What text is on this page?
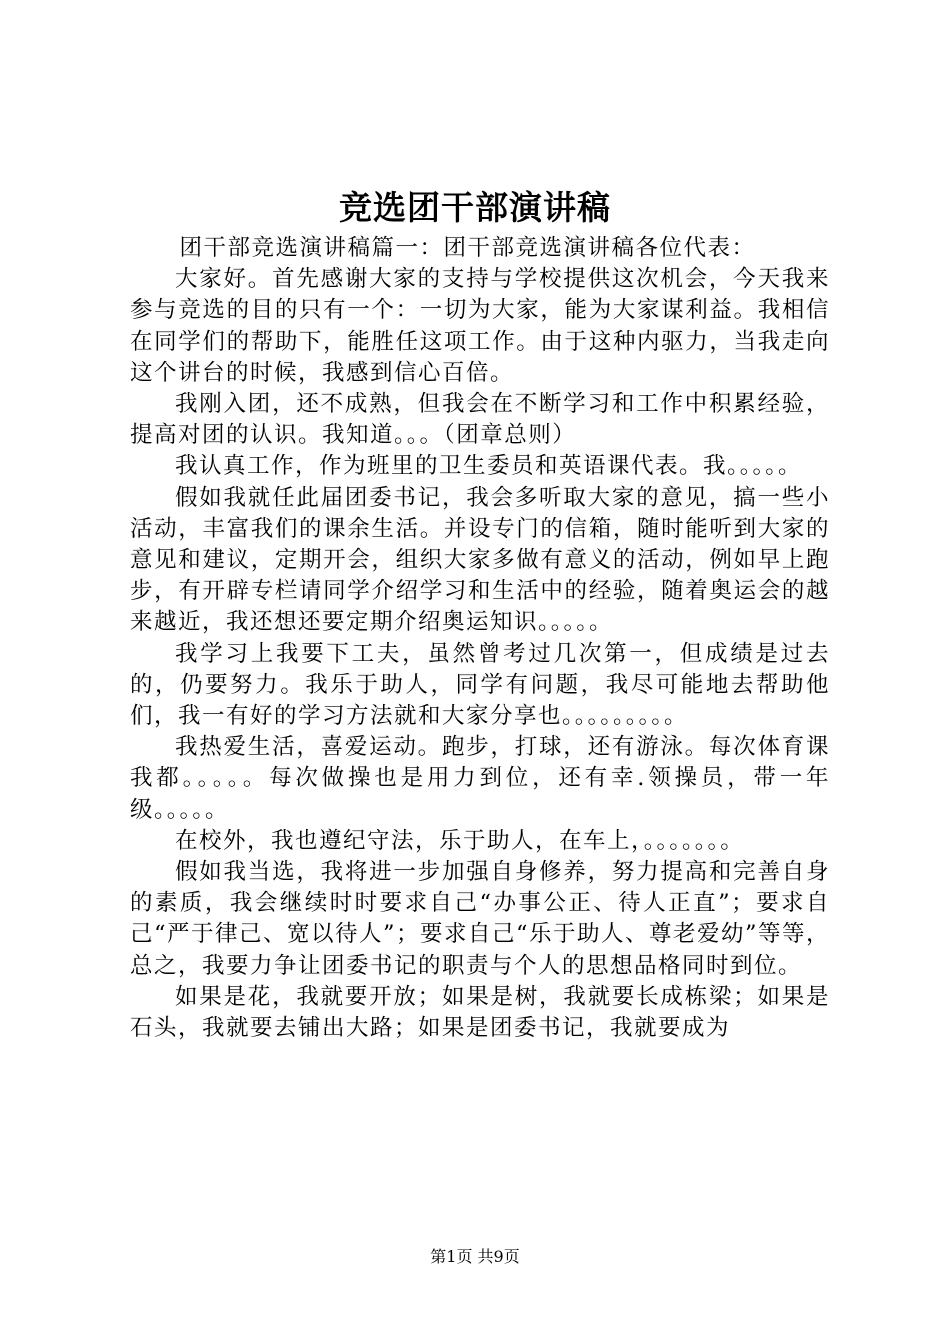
竞选团干部演讲稿

团干部竞选演讲稿篇一：团干部竞选演讲稿各位代表：

大家好。首先感谢大家的支持与学校提供这次机会，今天我来参与竞选的目的只有一个：一切为大家，能为大家谋利益。我相信在同学们的帮助下，能胜任这项工作。由于这种内驱力，当我走向这个讲台的时候，我感到信心百倍。

我刚入团，还不成熟，但我会在不断学习和工作中积累经验，提高对团的认识。我知道。。。（团章总则）

我认真工作，作为班里的卫生委员和英语课代表。我。。。。。

假如我就任此届团委书记，我会多听取大家的意见，搞一些小活动，丰富我们的课余生活。并设专门的信箱，随时能听到大家的意见和建议，定期开会，组织大家多做有意义的活动，例如早上跑步，有开辟专栏请同学介绍学习和生活中的经验，随着奥运会的越来越近，我还想还要定期介绍奥运知识。。。。。

我学习上我要下工夫，虽然曾考过几次第一，但成绩是过去的，仍要努力。我乐于助人，同学有问题，我尽可能地去帮助他们，我一有好的学习方法就和大家分享也。。。。。。。。。

我热爱生活，喜爱运动。跑步，打球，还有游泳。每次体育课我都。。。。。每次做操也是用力到位，还有幸.领操员，带一年级。。。。。

在校外，我也遵纪守法，乐于助人，在车上，。。。。。。。

假如我当选，我将进一步加强自身修养，努力提高和完善自身的素质，我会继续时时要求自己“办事公正、待人正直”；要求自己“严于律己、宽以待人”；要求自己“乐于助人、尊老爱幼”等等，总之，我要力争让团委书记的职责与个人的思想品格同时到位。

如果是花，我就要开放；如果是树，我就要长成栋梁；如果是石头，我就要去铺出大路；如果是团委书记，我就要成为

第1页 共9页
